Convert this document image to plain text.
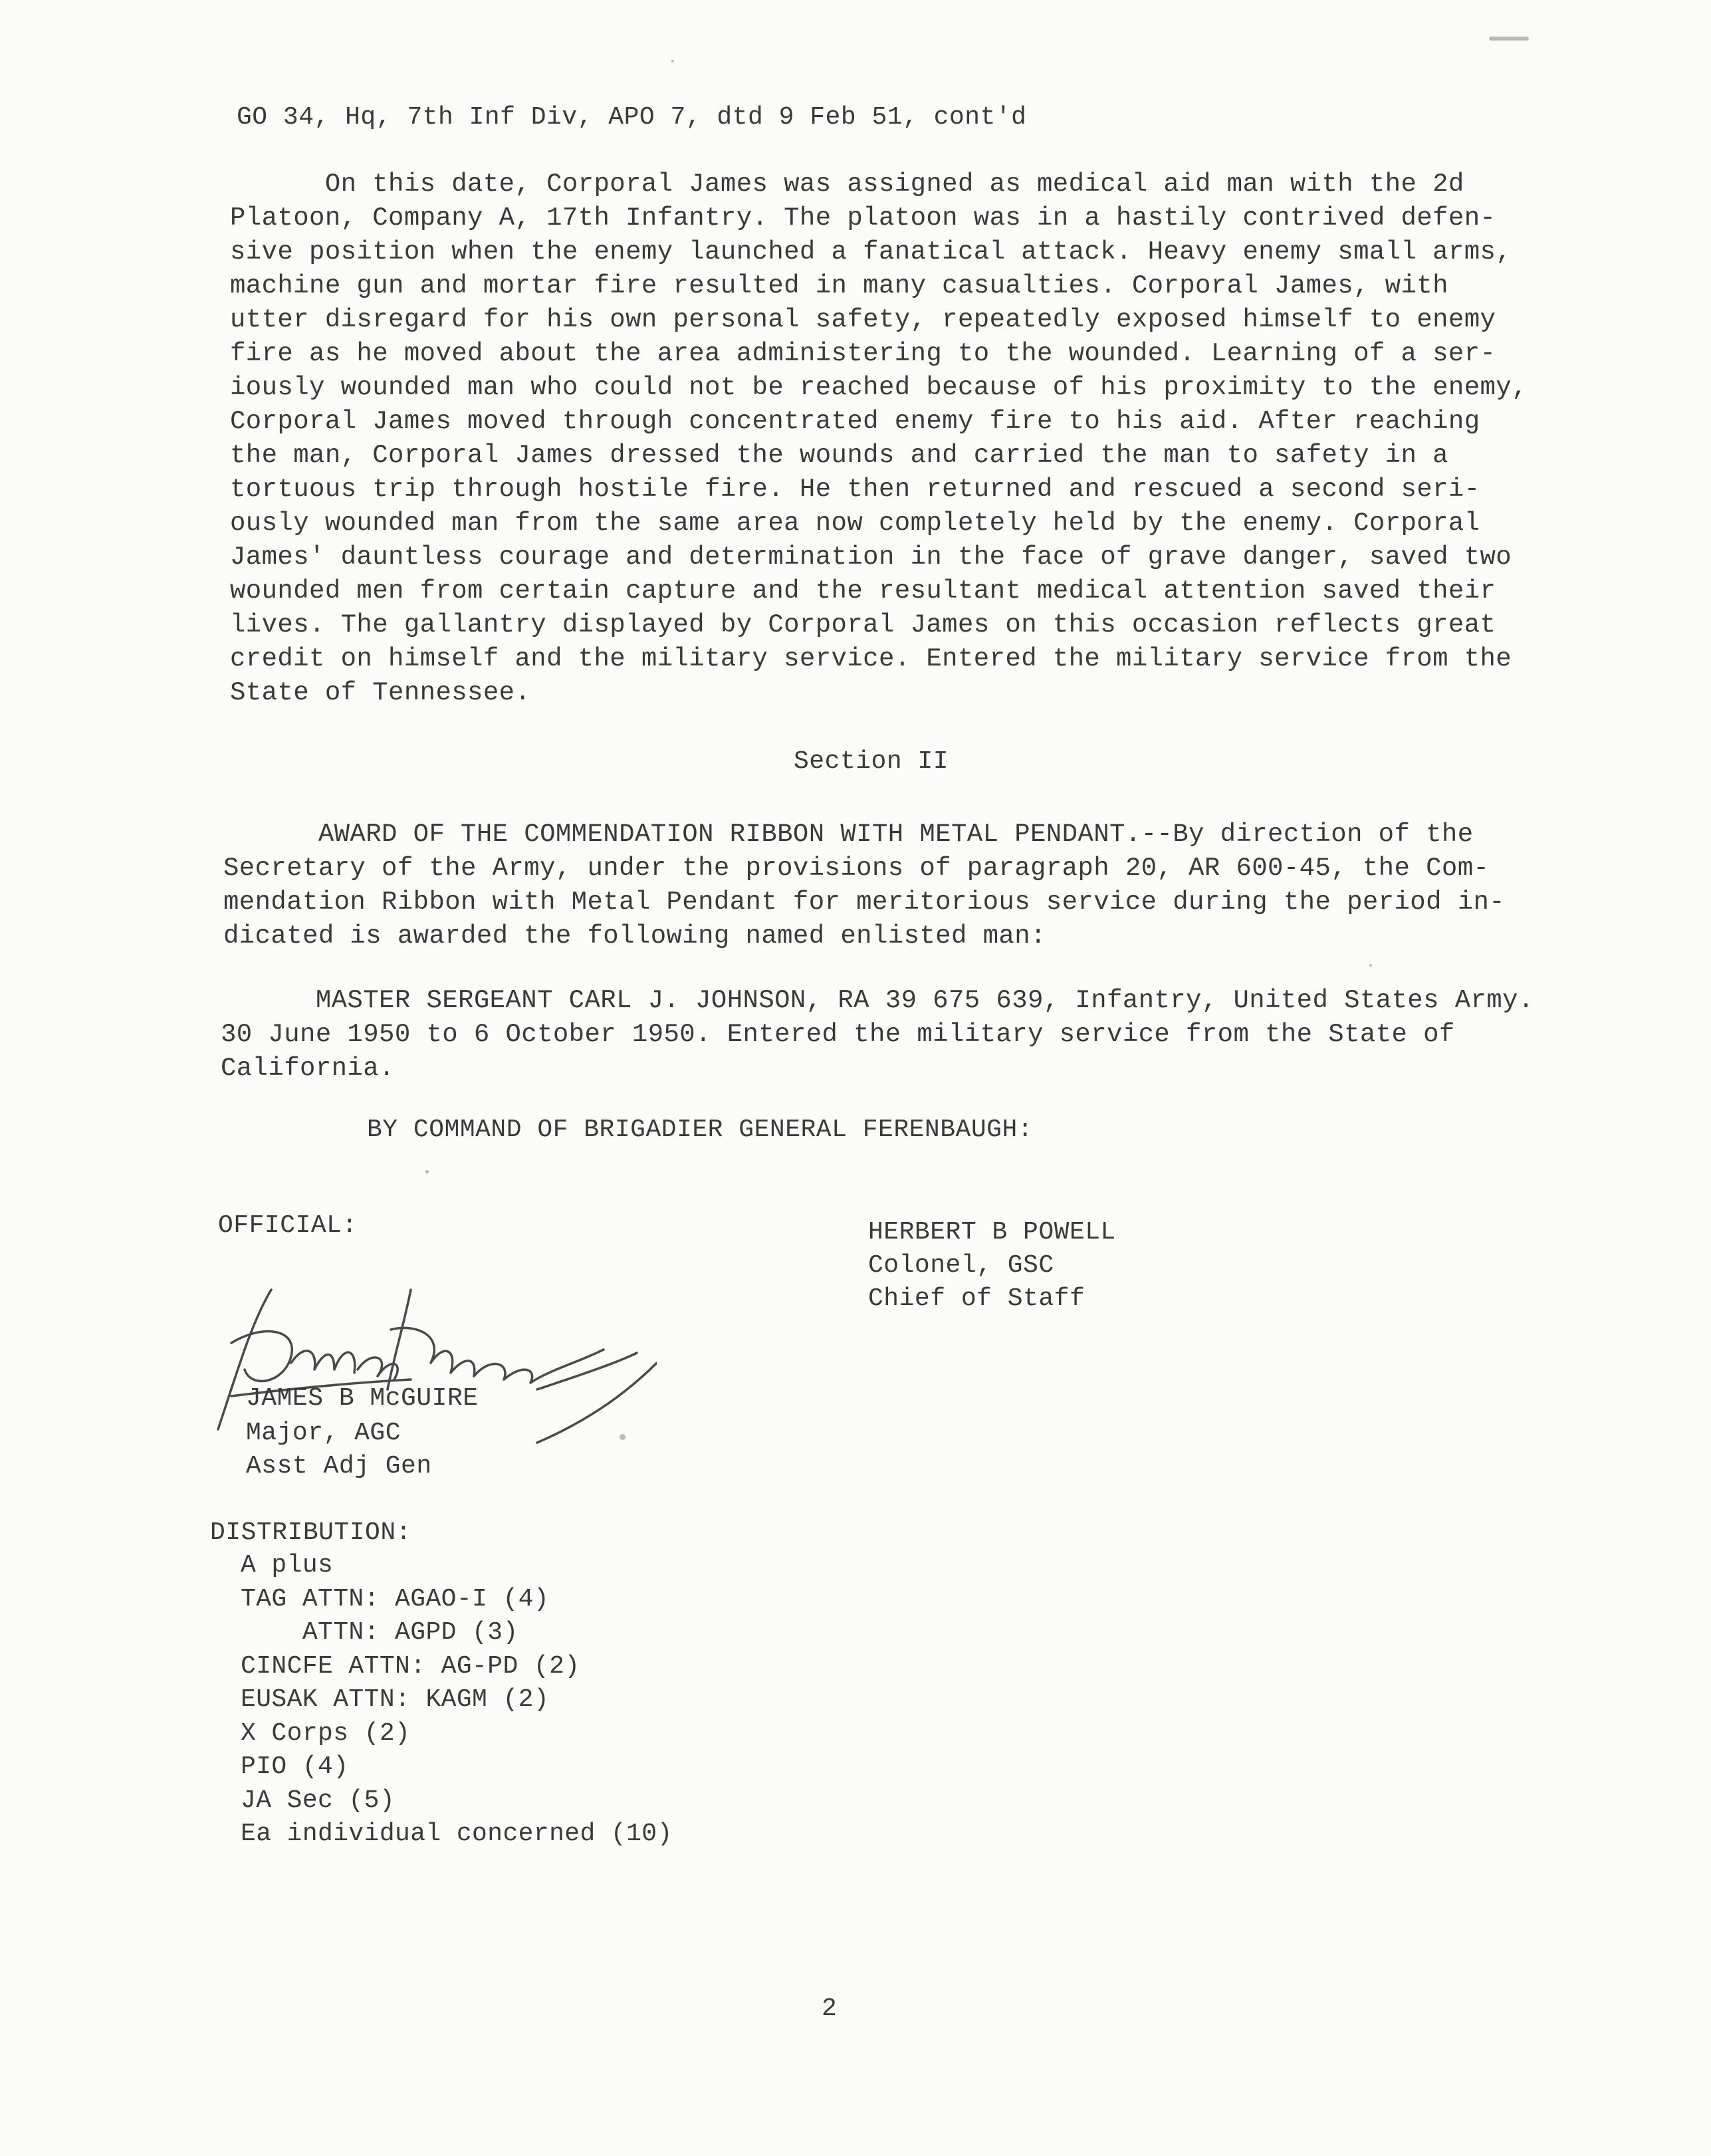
GO 34, Hq, 7th Inf Div, APO 7, dtd 9 Feb 51, cont'd
On this date, Corporal James was assigned as medical aid man with the 2d
Platoon, Company A, 17th Infantry. The platoon was in a hastily contrived defen-
sive position when the enemy launched a fanatical attack. Heavy enemy small arms,
machine gun and mortar fire resulted in many casualties. Corporal James, with
utter disregard for his own personal safety, repeatedly exposed himself to enemy
fire as he moved about the area administering to the wounded. Learning of a ser-
iously wounded man who could not be reached because of his proximity to the enemy,
Corporal James moved through concentrated enemy fire to his aid. After reaching
the man, Corporal James dressed the wounds and carried the man to safety in a
tortuous trip through hostile fire. He then returned and rescued a second seri-
ously wounded man from the same area now completely held by the enemy. Corporal
James' dauntless courage and determination in the face of grave danger, saved two
wounded men from certain capture and the resultant medical attention saved their
lives. The gallantry displayed by Corporal James on this occasion reflects great
credit on himself and the military service. Entered the military service from the
State of Tennessee.
Section II
AWARD OF THE COMMENDATION RIBBON WITH METAL PENDANT.--By direction of the
Secretary of the Army, under the provisions of paragraph 20, AR 600-45, the Com-
mendation Ribbon with Metal Pendant for meritorious service during the period in-
dicated is awarded the following named enlisted man:
MASTER SERGEANT CARL J. JOHNSON, RA 39 675 639, Infantry, United States Army.
30 June 1950 to 6 October 1950. Entered the military service from the State of
California.
BY COMMAND OF BRIGADIER GENERAL FERENBAUGH:
OFFICIAL:
JAMES B McGUIRE
Major, AGC
Asst Adj Gen
HERBERT B POWELL
Colonel, GSC
Chief of Staff
DISTRIBUTION:
A plus
TAG ATTN: AGAO-I (4)
ATTN: AGPD (3)
CINCFE ATTN: AG-PD (2)
EUSAK ATTN: KAGM (2)
X Corps (2)
PIO (4)
JA Sec (5)
Ea individual concerned (10)
2
